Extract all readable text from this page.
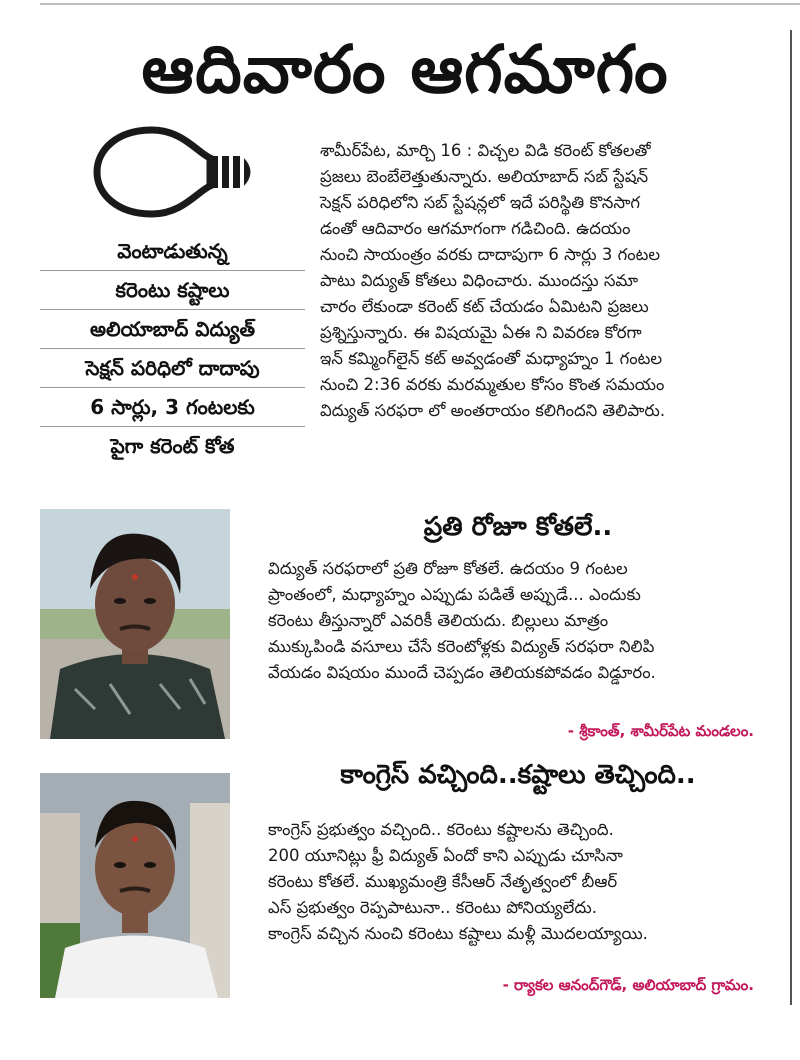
ఆదివారం ఆగమాగం
వెంటాడుతున్న
కరెంటు కష్టాలు
అలియాబాద్ విద్యుత్
సెక్షన్ పరిధిలో దాదాపు
6 సార్లు, 3 గంటలకు
పైగా కరెంట్ కోత
శామీర్‌పేట, మార్చి 16 : విచ్చల విడి కరెంట్ కోతలతో
ప్రజలు బెంబేలెత్తుతున్నారు. అలియాబాద్ సబ్ స్టేషన్
సెక్షన్ పరిధిలోని సబ్ స్టేషన్లలో ఇదే పరిస్థితి కొనసాగ
డంతో ఆదివారం ఆగమాగంగా గడిచింది. ఉదయం
నుంచి సాయంత్రం వరకు దాదాపుగా 6 సార్లు 3 గంటల
పాటు విద్యుత్ కోతలు విధించారు. ముందస్తు సమా
చారం లేకుండా కరెంట్ కట్ చేయడం ఏమిటని ప్రజలు
ప్రశ్నిస్తున్నారు. ఈ విషయమై ఏఈ ని వివరణ కోరగా
ఇన్ కమ్మింగ్‌లైన్ కట్ అవ్వడంతో మధ్యాహ్నం 1 గంటల
నుంచి 2:36 వరకు మరమ్మతుల కోసం కొంత సమయం
విద్యుత్ సరఫరా లో అంతరాయం కలిగిందని తెలిపారు.
ప్రతి రోజూ కోతలే..
విద్యుత్ సరఫరాలో ప్రతి రోజూ కోతలే. ఉదయం 9 గంటల
ప్రాంతంలో, మధ్యాహ్నం ఎప్పుడు పడితే అప్పుడే... ఎందుకు
కరెంటు తీస్తున్నారో ఎవరికీ తెలియదు. బిల్లులు మాత్రం
ముక్కుపిండి వసూలు చేసే కరెంటోళ్లకు విద్యుత్ సరఫరా నిలిపి
వేయడం విషయం ముందే చెప్పడం తెలియకపోవడం విడ్డూరం.
- శ్రీకాంత్, శామీర్‌పేట మండలం.
కాంగ్రెస్ వచ్చింది..కష్టాలు తెచ్చింది..
కాంగ్రెస్ ప్రభుత్వం వచ్చింది.. కరెంటు కష్టాలను తెచ్చింది.
200 యూనిట్లు ఫ్రీ విద్యుత్ ఏందో కాని ఎప్పుడు చూసినా
కరెంటు కోతలే. ముఖ్యమంత్రి కేసీఆర్ నేతృత్వంలో బీఆర్
ఎస్ ప్రభుత్వం రెప్పపాటునా.. కరెంటు పోనియ్యలేదు.
కాంగ్రెస్ వచ్చిన నుంచి కరెంటు కష్టాలు మళ్లీ మొదలయ్యాయి.
- ర్యాకల ఆనంద్‌గౌడ్, అలియాబాద్ గ్రామం.
